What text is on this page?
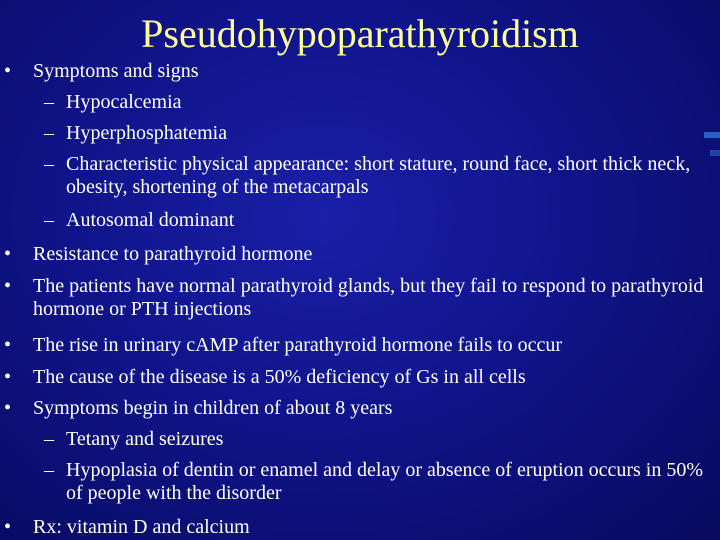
Pseudohypoparathyroidism
• Symptoms and signs
– Hypocalcemia
– Hyperphosphatemia
– Characteristic physical appearance: short stature, round face, short thick neck, obesity, shortening of the metacarpals
– Autosomal dominant
• Resistance to parathyroid hormone
• The patients have normal parathyroid glands, but they fail to respond to parathyroid hormone or PTH injections
• The rise in urinary cAMP after parathyroid hormone fails to occur
• The cause of the disease is a 50% deficiency of Gs in all cells
• Symptoms begin in children of about 8 years
– Tetany and seizures
– Hypoplasia of dentin or enamel and delay or absence of eruption occurs in 50% of people with the disorder
• Rx: vitamin D and calcium
